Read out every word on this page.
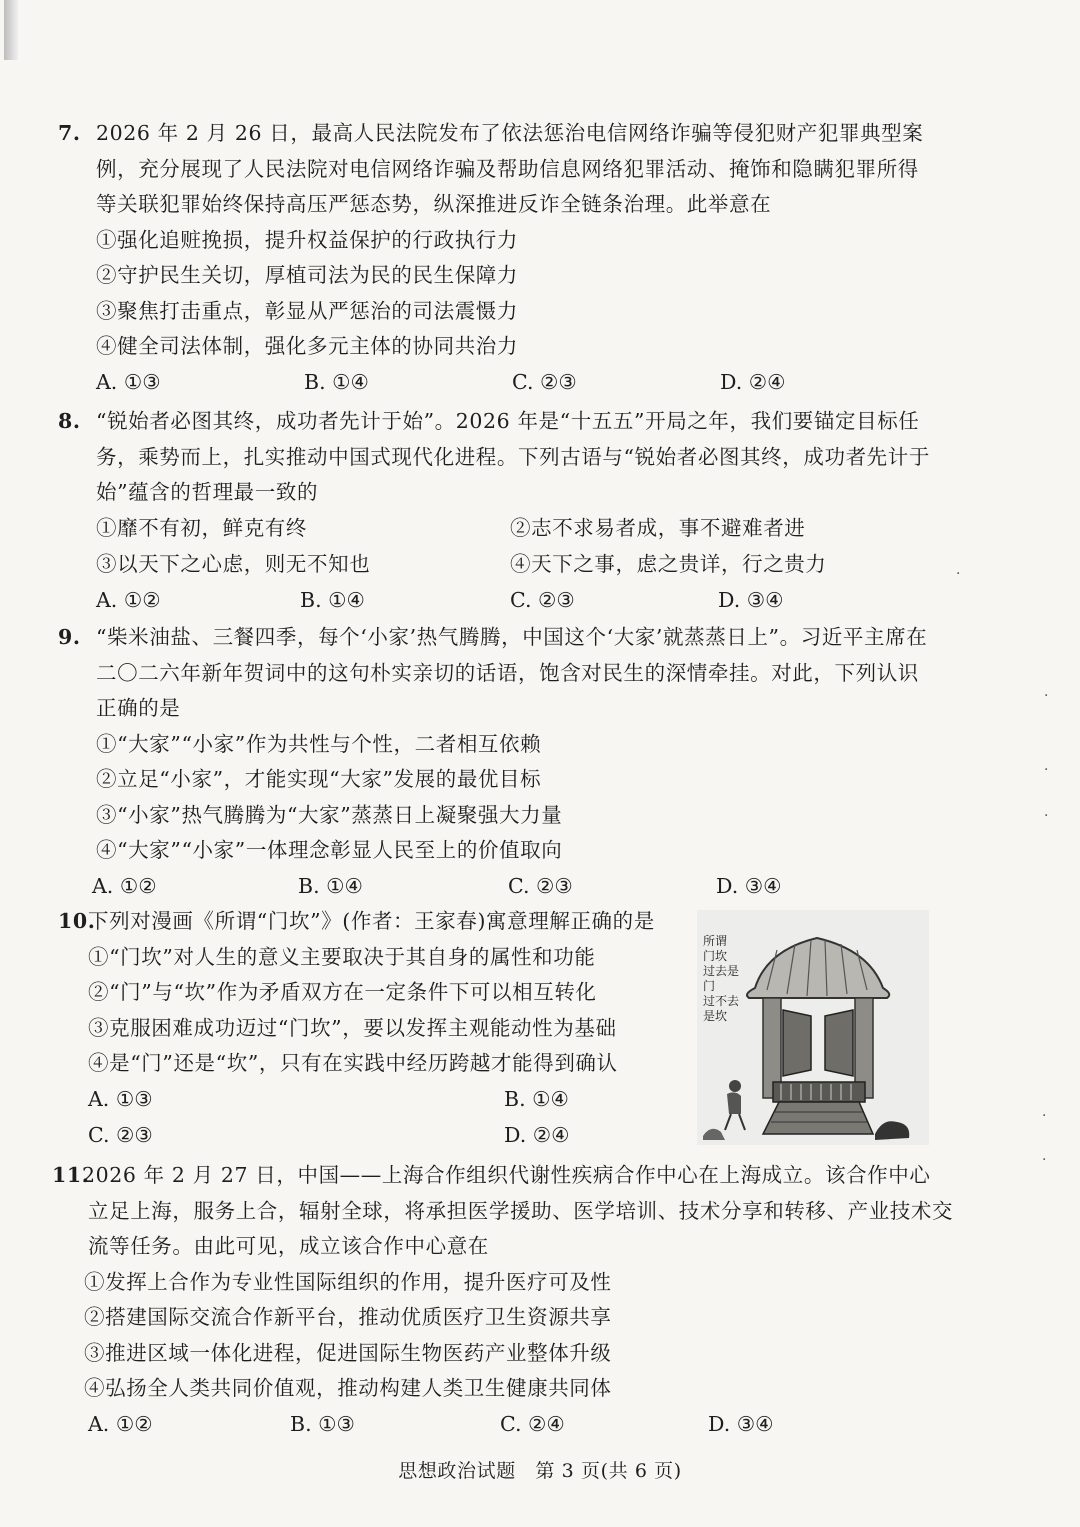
7. 2026 年 2 月 26 日，最高人民法院发布了依法惩治电信网络诈骗等侵犯财产犯罪典型案
例，充分展现了人民法院对电信网络诈骗及帮助信息网络犯罪活动、掩饰和隐瞒犯罪所得
等关联犯罪始终保持高压严惩态势，纵深推进反诈全链条治理。此举意在
①强化追赃挽损，提升权益保护的行政执行力
②守护民生关切，厚植司法为民的民生保障力
③聚焦打击重点，彰显从严惩治的司法震慑力
④健全司法体制，强化多元主体的协同共治力
A. ①③	B. ①④	C. ②③	D. ②④
8. “锐始者必图其终，成功者先计于始”。2026 年是“十五五”开局之年，我们要锚定目标任
务，乘势而上，扎实推动中国式现代化进程。下列古语与“锐始者必图其终，成功者先计于
始”蕴含的哲理最一致的
①靡不有初，鲜克有终	②志不求易者成，事不避难者进
③以天下之心虑，则无不知也	④天下之事，虑之贵详，行之贵力
A. ①②	B. ①④	C. ②③	D. ③④
9. “柴米油盐、三餐四季，每个‘小家’热气腾腾，中国这个‘大家’就蒸蒸日上”。习近平主席在
二〇二六年新年贺词中的这句朴实亲切的话语，饱含对民生的深情牵挂。对此，下列认识
正确的是
①“大家”“小家”作为共性与个性，二者相互依赖
②立足“小家”，才能实现“大家”发展的最优目标
③“小家”热气腾腾为“大家”蒸蒸日上凝聚强大力量
④“大家”“小家”一体理念彰显人民至上的价值取向
A. ①②	B. ①④	C. ②③	D. ③④
10.下列对漫画《所谓“门坎”》(作者：王家春)寓意理解正确的是
①“门坎”对人生的意义主要取决于其自身的属性和功能
②“门”与“坎”作为矛盾双方在一定条件下可以相互转化
③克服困难成功迈过“门坎”，要以发挥主观能动性为基础
④是“门”还是“坎”，只有在实践中经历跨越才能得到确认
A. ①③	B. ①④
C. ②③	D. ②④
所谓
门坎
过去是门
过不去是坎
11.2026 年 2 月 27 日，中国——上海合作组织代谢性疾病合作中心在上海成立。该合作中心
立足上海，服务上合，辐射全球，将承担医学援助、医学培训、技术分享和转移、产业技术交
流等任务。由此可见，成立该合作中心意在
①发挥上合作为专业性国际组织的作用，提升医疗可及性
②搭建国际交流合作新平台，推动优质医疗卫生资源共享
③推进区域一体化进程，促进国际生物医药产业整体升级
④弘扬全人类共同价值观，推动构建人类卫生健康共同体
A. ①②	B. ①③	C. ②④	D. ③④
·
·
·
·
·
·
思想政治试题　第 3 页(共 6 页)
